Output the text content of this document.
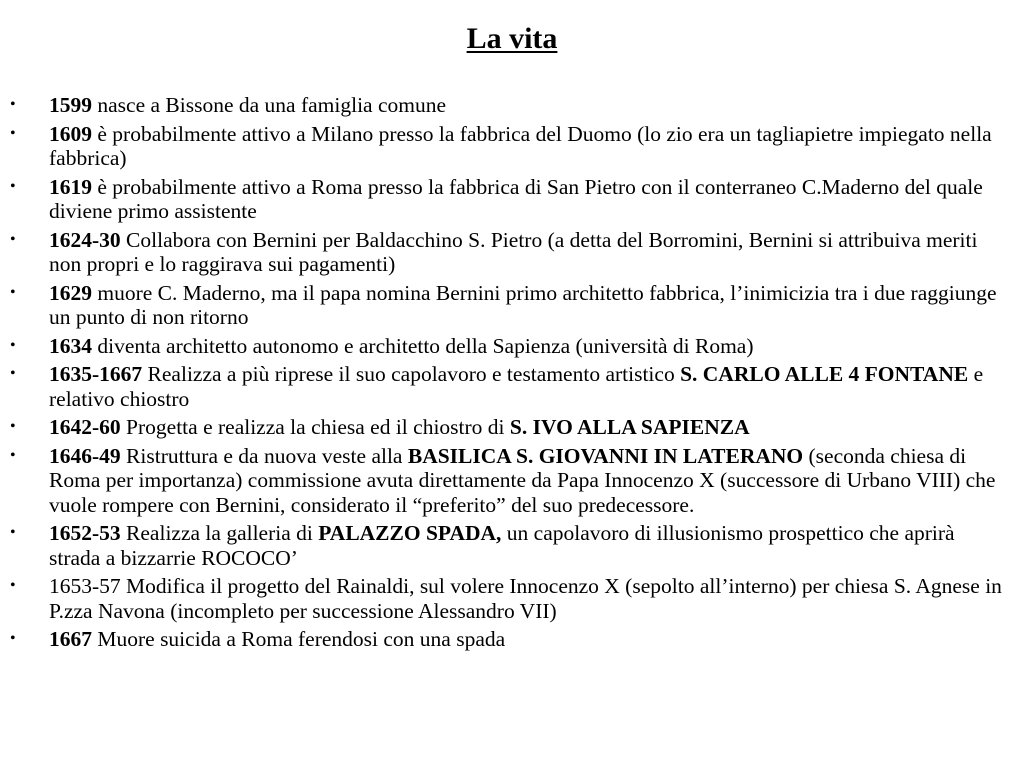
La vita
• 1599 nasce a Bissone da una famiglia comune
• 1609 è probabilmente attivo a Milano presso la fabbrica del Duomo (lo zio era un tagliapietre impiegato nella fabbrica)
• 1619 è probabilmente attivo a Roma presso la fabbrica di San Pietro con il conterraneo C.Maderno del quale diviene primo assistente
• 1624-30 Collabora con Bernini per Baldacchino S. Pietro (a detta del Borromini, Bernini si attribuiva meriti non propri e lo raggirava sui pagamenti)
• 1629 muore C. Maderno, ma il papa nomina Bernini primo architetto fabbrica, l’inimicizia tra i due raggiunge un punto di non ritorno
• 1634 diventa architetto autonomo e architetto della Sapienza (università di Roma)
• 1635-1667 Realizza a più riprese il suo capolavoro e testamento artistico S. CARLO ALLE 4 FONTANE e relativo chiostro
• 1642-60 Progetta e realizza la chiesa ed il chiostro di S. IVO ALLA SAPIENZA
• 1646-49 Ristruttura e da nuova veste alla BASILICA S. GIOVANNI IN LATERANO (seconda chiesa di Roma per importanza) commissione avuta direttamente da Papa Innocenzo X (successore di Urbano VIII) che vuole rompere con Bernini, considerato il “preferito” del suo predecessore.
• 1652-53 Realizza la galleria di PALAZZO SPADA, un capolavoro di illusionismo prospettico che aprirà strada a bizzarrie ROCOCO’
• 1653-57 Modifica il progetto del Rainaldi, sul volere Innocenzo X (sepolto all’interno) per chiesa S. Agnese in P.zza Navona (incompleto per successione Alessandro VII)
• 1667 Muore suicida a Roma ferendosi con una spada
